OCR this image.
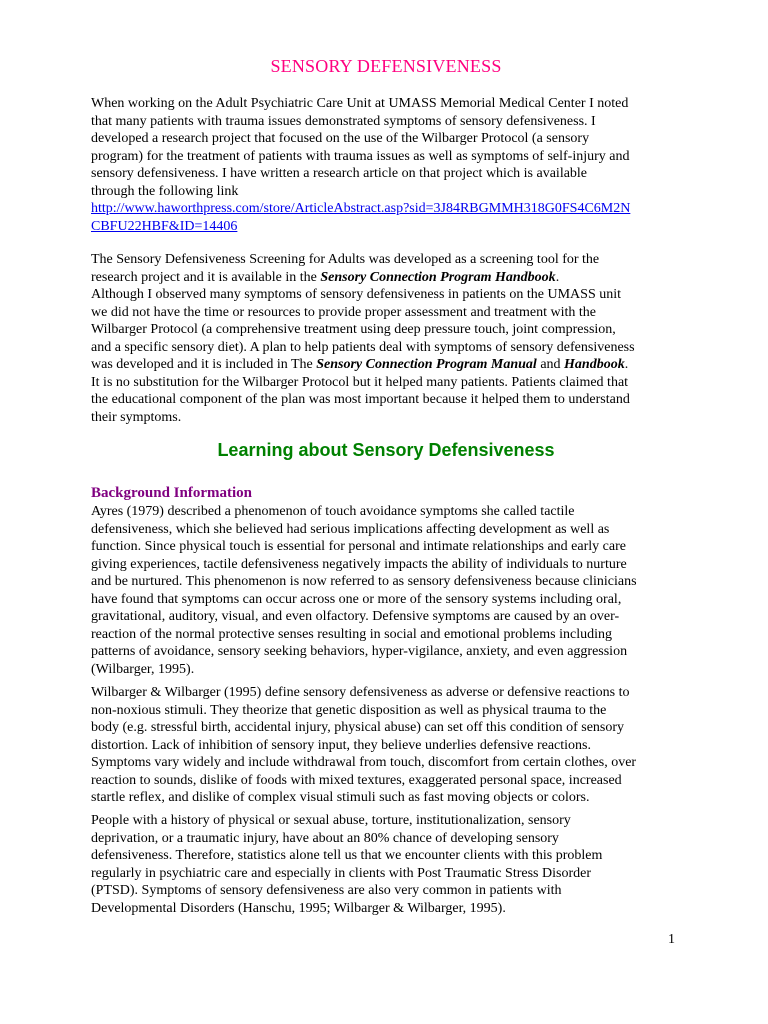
SENSORY DEFENSIVENESS
When working on the Adult Psychiatric Care Unit at UMASS Memorial Medical Center I noted
that many patients with trauma issues demonstrated symptoms of sensory defensiveness. I
developed a research project that focused on the use of the Wilbarger Protocol (a sensory
program) for the treatment of patients with trauma issues as well as symptoms of self-injury and
sensory defensiveness. I have written a research article on that project which is available
through the following link
http://www.haworthpress.com/store/ArticleAbstract.asp?sid=3J84RBGMMH318G0FS4C6M2N
CBFU22HBF&ID=14406
The Sensory Defensiveness Screening for Adults was developed as a screening tool for the
research project and it is available in the Sensory Connection Program Handbook.
Although I observed many symptoms of sensory defensiveness in patients on the UMASS unit
we did not have the time or resources to provide proper assessment and treatment with the
Wilbarger Protocol (a comprehensive treatment using deep pressure touch, joint compression,
and a specific sensory diet). A plan to help patients deal with symptoms of sensory defensiveness
was developed and it is included in The Sensory Connection Program Manual and Handbook.
It is no substitution for the Wilbarger Protocol but it helped many patients. Patients claimed that
the educational component of the plan was most important because it helped them to understand
their symptoms.
Learning about Sensory Defensiveness
Background Information
Ayres (1979) described a phenomenon of touch avoidance symptoms she called tactile
defensiveness, which she believed had serious implications affecting development as well as
function. Since physical touch is essential for personal and intimate relationships and early care
giving experiences, tactile defensiveness negatively impacts the ability of individuals to nurture
and be nurtured. This phenomenon is now referred to as sensory defensiveness because clinicians
have found that symptoms can occur across one or more of the sensory systems including oral,
gravitational, auditory, visual, and even olfactory. Defensive symptoms are caused by an over-
reaction of the normal protective senses resulting in social and emotional problems including
patterns of avoidance, sensory seeking behaviors, hyper-vigilance, anxiety, and even aggression
(Wilbarger, 1995).
Wilbarger & Wilbarger (1995) define sensory defensiveness as adverse or defensive reactions to
non-noxious stimuli. They theorize that genetic disposition as well as physical trauma to the
body (e.g. stressful birth, accidental injury, physical abuse) can set off this condition of sensory
distortion. Lack of inhibition of sensory input, they believe underlies defensive reactions.
Symptoms vary widely and include withdrawal from touch, discomfort from certain clothes, over
reaction to sounds, dislike of foods with mixed textures, exaggerated personal space, increased
startle reflex, and dislike of complex visual stimuli such as fast moving objects or colors.
People with a history of physical or sexual abuse, torture, institutionalization, sensory
deprivation, or a traumatic injury, have about an 80% chance of developing sensory
defensiveness. Therefore, statistics alone tell us that we encounter clients with this problem
regularly in psychiatric care and especially in clients with Post Traumatic Stress Disorder
(PTSD). Symptoms of sensory defensiveness are also very common in patients with
Developmental Disorders (Hanschu, 1995; Wilbarger & Wilbarger, 1995).
1
